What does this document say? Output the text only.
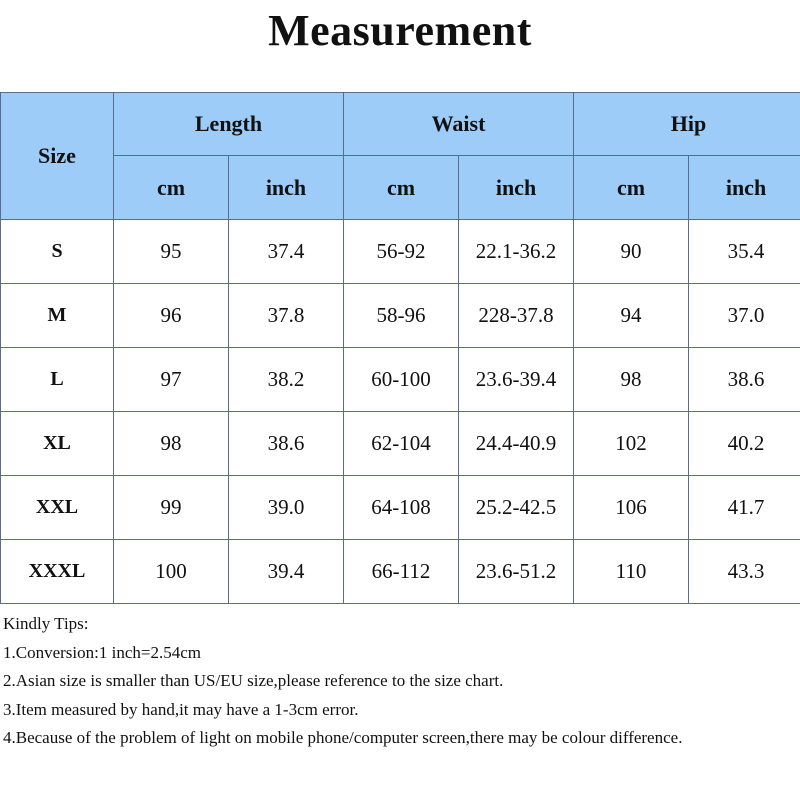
Measurement
Size	Length		Waist		Hip	
	cm	inch	cm	inch	cm	inch
S	95	37.4	56-92	22.1-36.2	90	35.4
M	96	37.8	58-96	228-37.8	94	37.0
L	97	38.2	60-100	23.6-39.4	98	38.6
XL	98	38.6	62-104	24.4-40.9	102	40.2
XXL	99	39.0	64-108	25.2-42.5	106	41.7
XXXL	100	39.4	66-112	23.6-51.2	110	43.3
Kindly Tips:
1.Conversion:1 inch=2.54cm
2.Asian size is smaller than US/EU size,please reference to the size chart.
3.Item measured by hand,it may have a 1-3cm error.
4.Because of the problem of light on mobile phone/computer screen,there may be colour difference.
